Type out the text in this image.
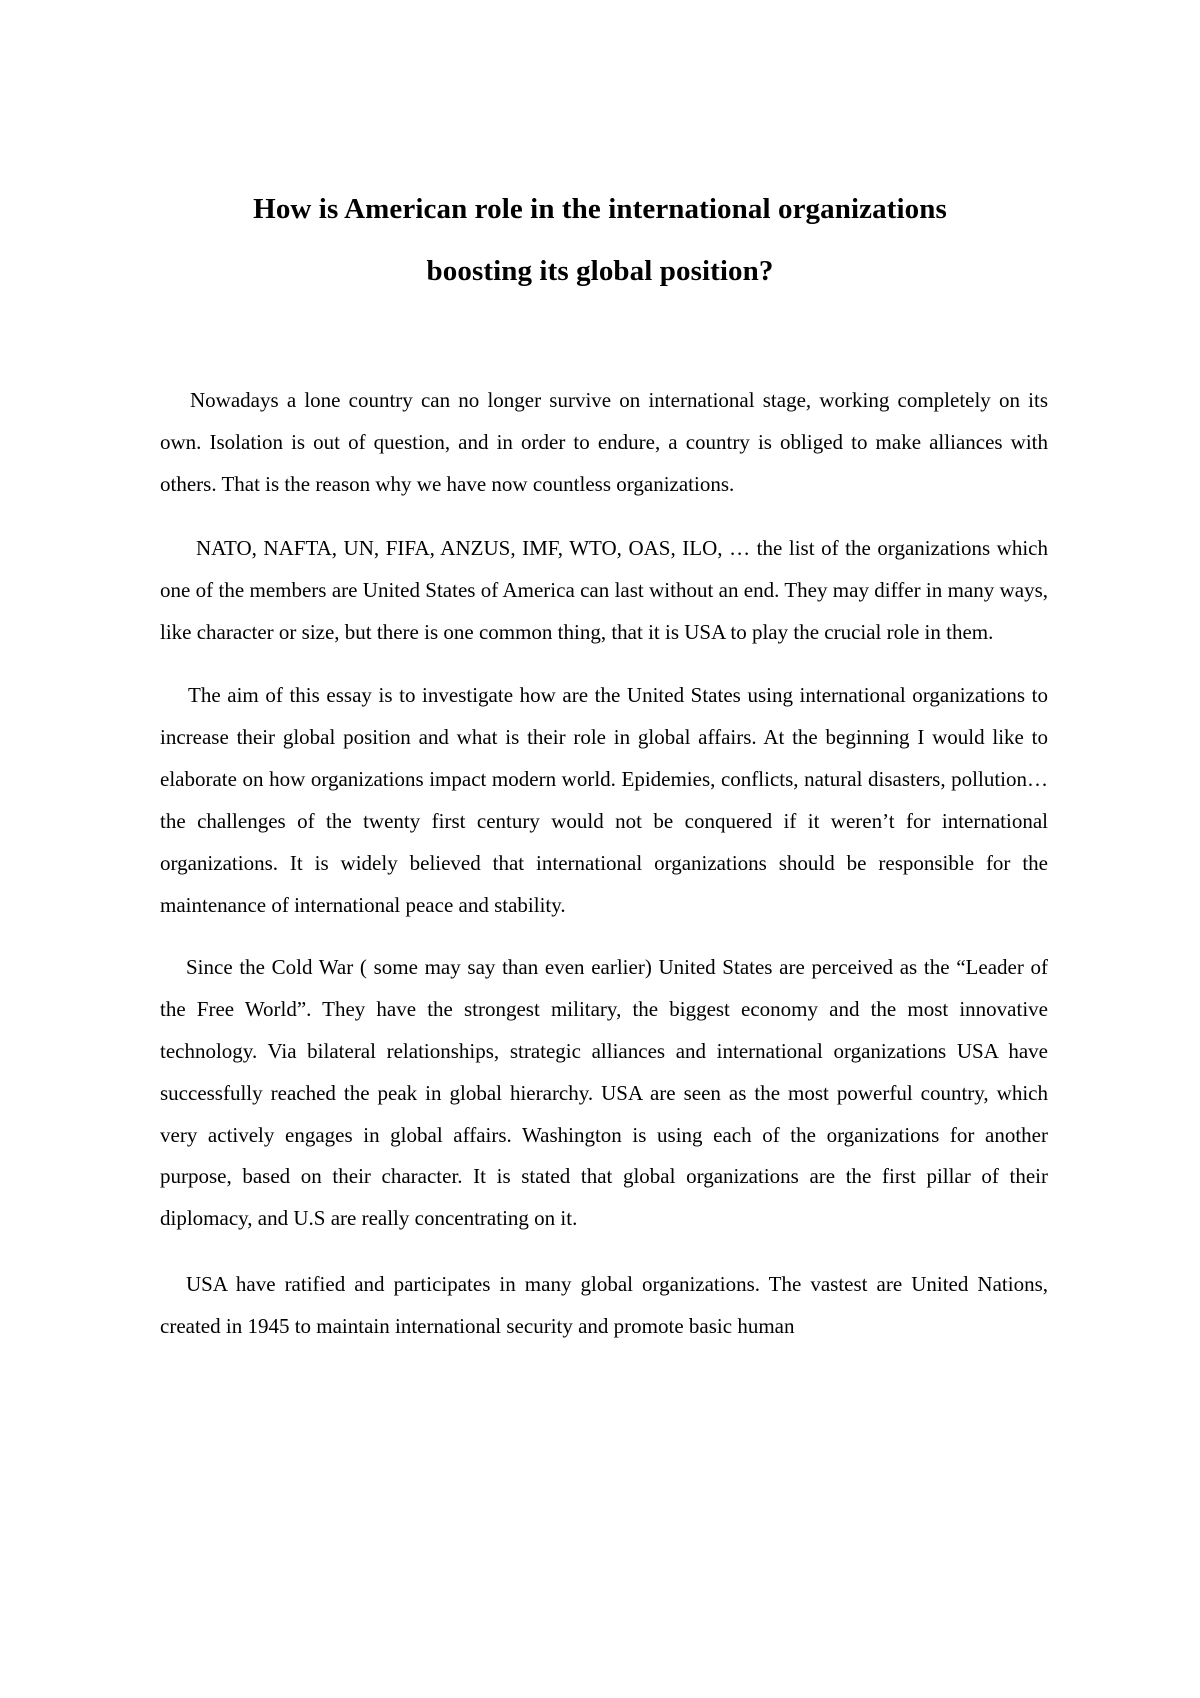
How is American role in the international organizations
boosting its global position?

Nowadays a lone country can no longer survive on international stage, working completely on its own. Isolation is out of question, and in order to endure, a country is obliged to make alliances with others. That is the reason why we have now countless organizations.

NATO, NAFTA, UN, FIFA, ANZUS, IMF, WTO, OAS, ILO, … the list of the organizations which one of the members are United States of America can last without an end. They may differ in many ways, like character or size, but there is one common thing, that it is USA to play the crucial role in them.

The aim of this essay is to investigate how are the United States using international organizations to increase their global position and what is their role in global affairs. At the beginning I would like to elaborate on how organizations impact modern world. Epidemies, conflicts, natural disasters, pollution… the challenges of the twenty first century would not be conquered if it weren’t for international organizations. It is widely believed that international organizations should be responsible for the maintenance of international peace and stability.

Since the Cold War ( some may say than even earlier) United States are perceived as the “Leader of the Free World”. They have the strongest military, the biggest economy and the most innovative technology. Via bilateral relationships, strategic alliances and international organizations USA have successfully reached the peak in global hierarchy. USA are seen as the most powerful country, which very actively engages in global affairs. Washington is using each of the organizations for another purpose, based on their character. It is stated that global organizations are the first pillar of their diplomacy, and U.S are really concentrating on it.

USA have ratified and participates in many global organizations. The vastest are United Nations, created in 1945 to maintain international security and promote basic human
